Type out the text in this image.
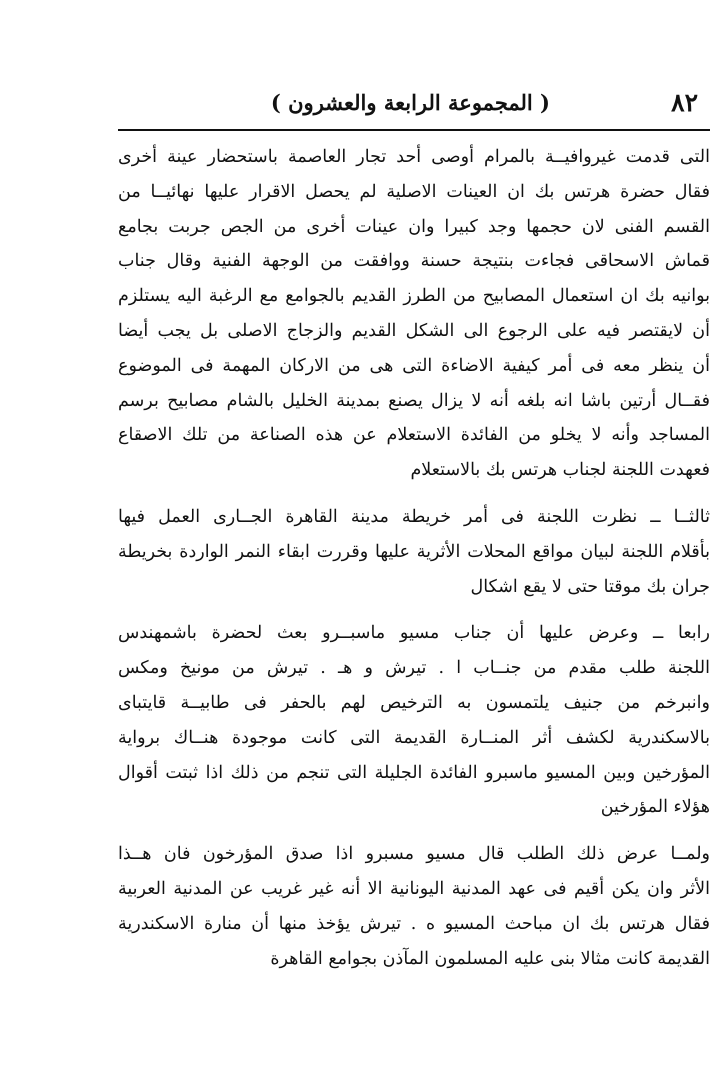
٨٢
( المجموعة الرابعة والعشرون )
التى قدمت غيروافيــة بالمرام أوصى أحد تجار العاصمة باستحضار عينة أخرى
فقال حضرة هرتس بك ان العينات الاصلية لم يحصل الاقرار عليها نهائيــا من
القسم الفنى لان حجمها وجد كبيرا وان عينات أخرى من الجص جربت بجامع
قماش الاسحاقى فجاءت بنتيجة حسنة ووافقت من الوجهة الفنية وقال جناب
بوانيه بك ان استعمال المصابيح من الطرز القديم بالجوامع مع الرغبة اليه يستلزم
أن لايقتصر فيه على الرجوع الى الشكل القديم والزجاج الاصلى بل يجب أيضا
أن ينظر معه فى أمر كيفية الاضاءة التى هى من الاركان المهمة فى الموضوع
فقــال أرتين باشا انه بلغه أنه لا يزال يصنع بمدينة الخليل بالشام مصابيح برسم
المساجد وأنه لا يخلو من الفائدة الاستعلام عن هذه الصناعة من تلك الاصقاع
فعهدت اللجنة لجناب هرتس بك بالاستعلام
ثالثــا ــ نظرت اللجنة فى أمر خريطة مدينة القاهرة الجــارى العمل فيها
بأقلام اللجنة لبيان مواقع المحلات الأثرية عليها وقررت ابقاء النمر الواردة بخريطة
جران بك موقتا حتى لا يقع اشكال
رابعا ــ وعرض عليها أن جناب مسيو ماسبــرو بعث لحضرة باشمهندس
اللجنة طلب مقدم من جنــاب ا . تيرش و هـ . تيرش من مونيخ ومكس
وانبرخم من جنيف يلتمسون به الترخيص لهم بالحفر فى طابيــة قايتباى
بالاسكندرية لكشف أثر المنــارة القديمة التى كانت موجودة هنــاك برواية
المؤرخين وبين المسيو ماسبرو الفائدة الجليلة التى تنجم من ذلك اذا ثبتت أقوال
هؤلاء المؤرخين
ولمــا عرض ذلك الطلب قال مسيو مسبرو اذا صدق المؤرخون فان هــذا
الأثر وان يكن أقيم فى عهد المدنية اليونانية الا أنه غير غريب عن المدنية العربية
فقال هرتس بك ان مباحث المسيو ه . تيرش يؤخذ منها أن منارة الاسكندرية
القديمة كانت مثالا بنى عليه المسلمون المآذن بجوامع القاهرة
